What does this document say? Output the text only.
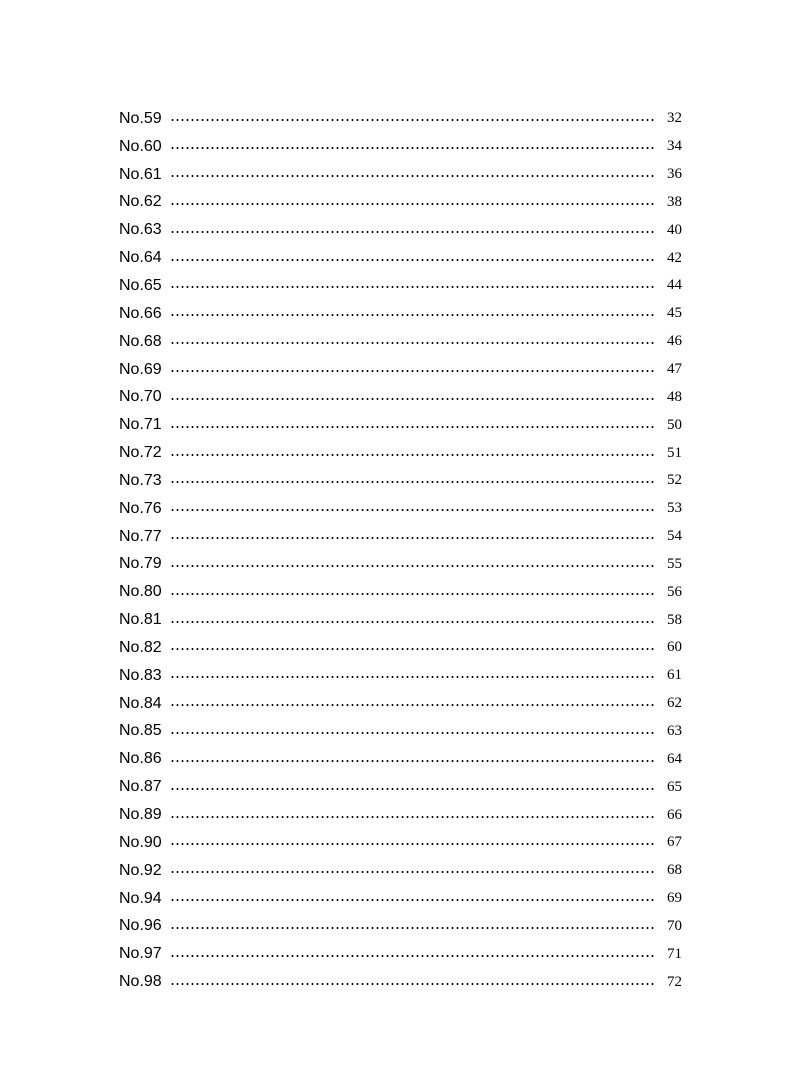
No.59	32
No.60	34
No.61	36
No.62	38
No.63	40
No.64	42
No.65	44
No.66	45
No.68	46
No.69	47
No.70	48
No.71	50
No.72	51
No.73	52
No.76	53
No.77	54
No.79	55
No.80	56
No.81	58
No.82	60
No.83	61
No.84	62
No.85	63
No.86	64
No.87	65
No.89	66
No.90	67
No.92	68
No.94	69
No.96	70
No.97	71
No.98	72
